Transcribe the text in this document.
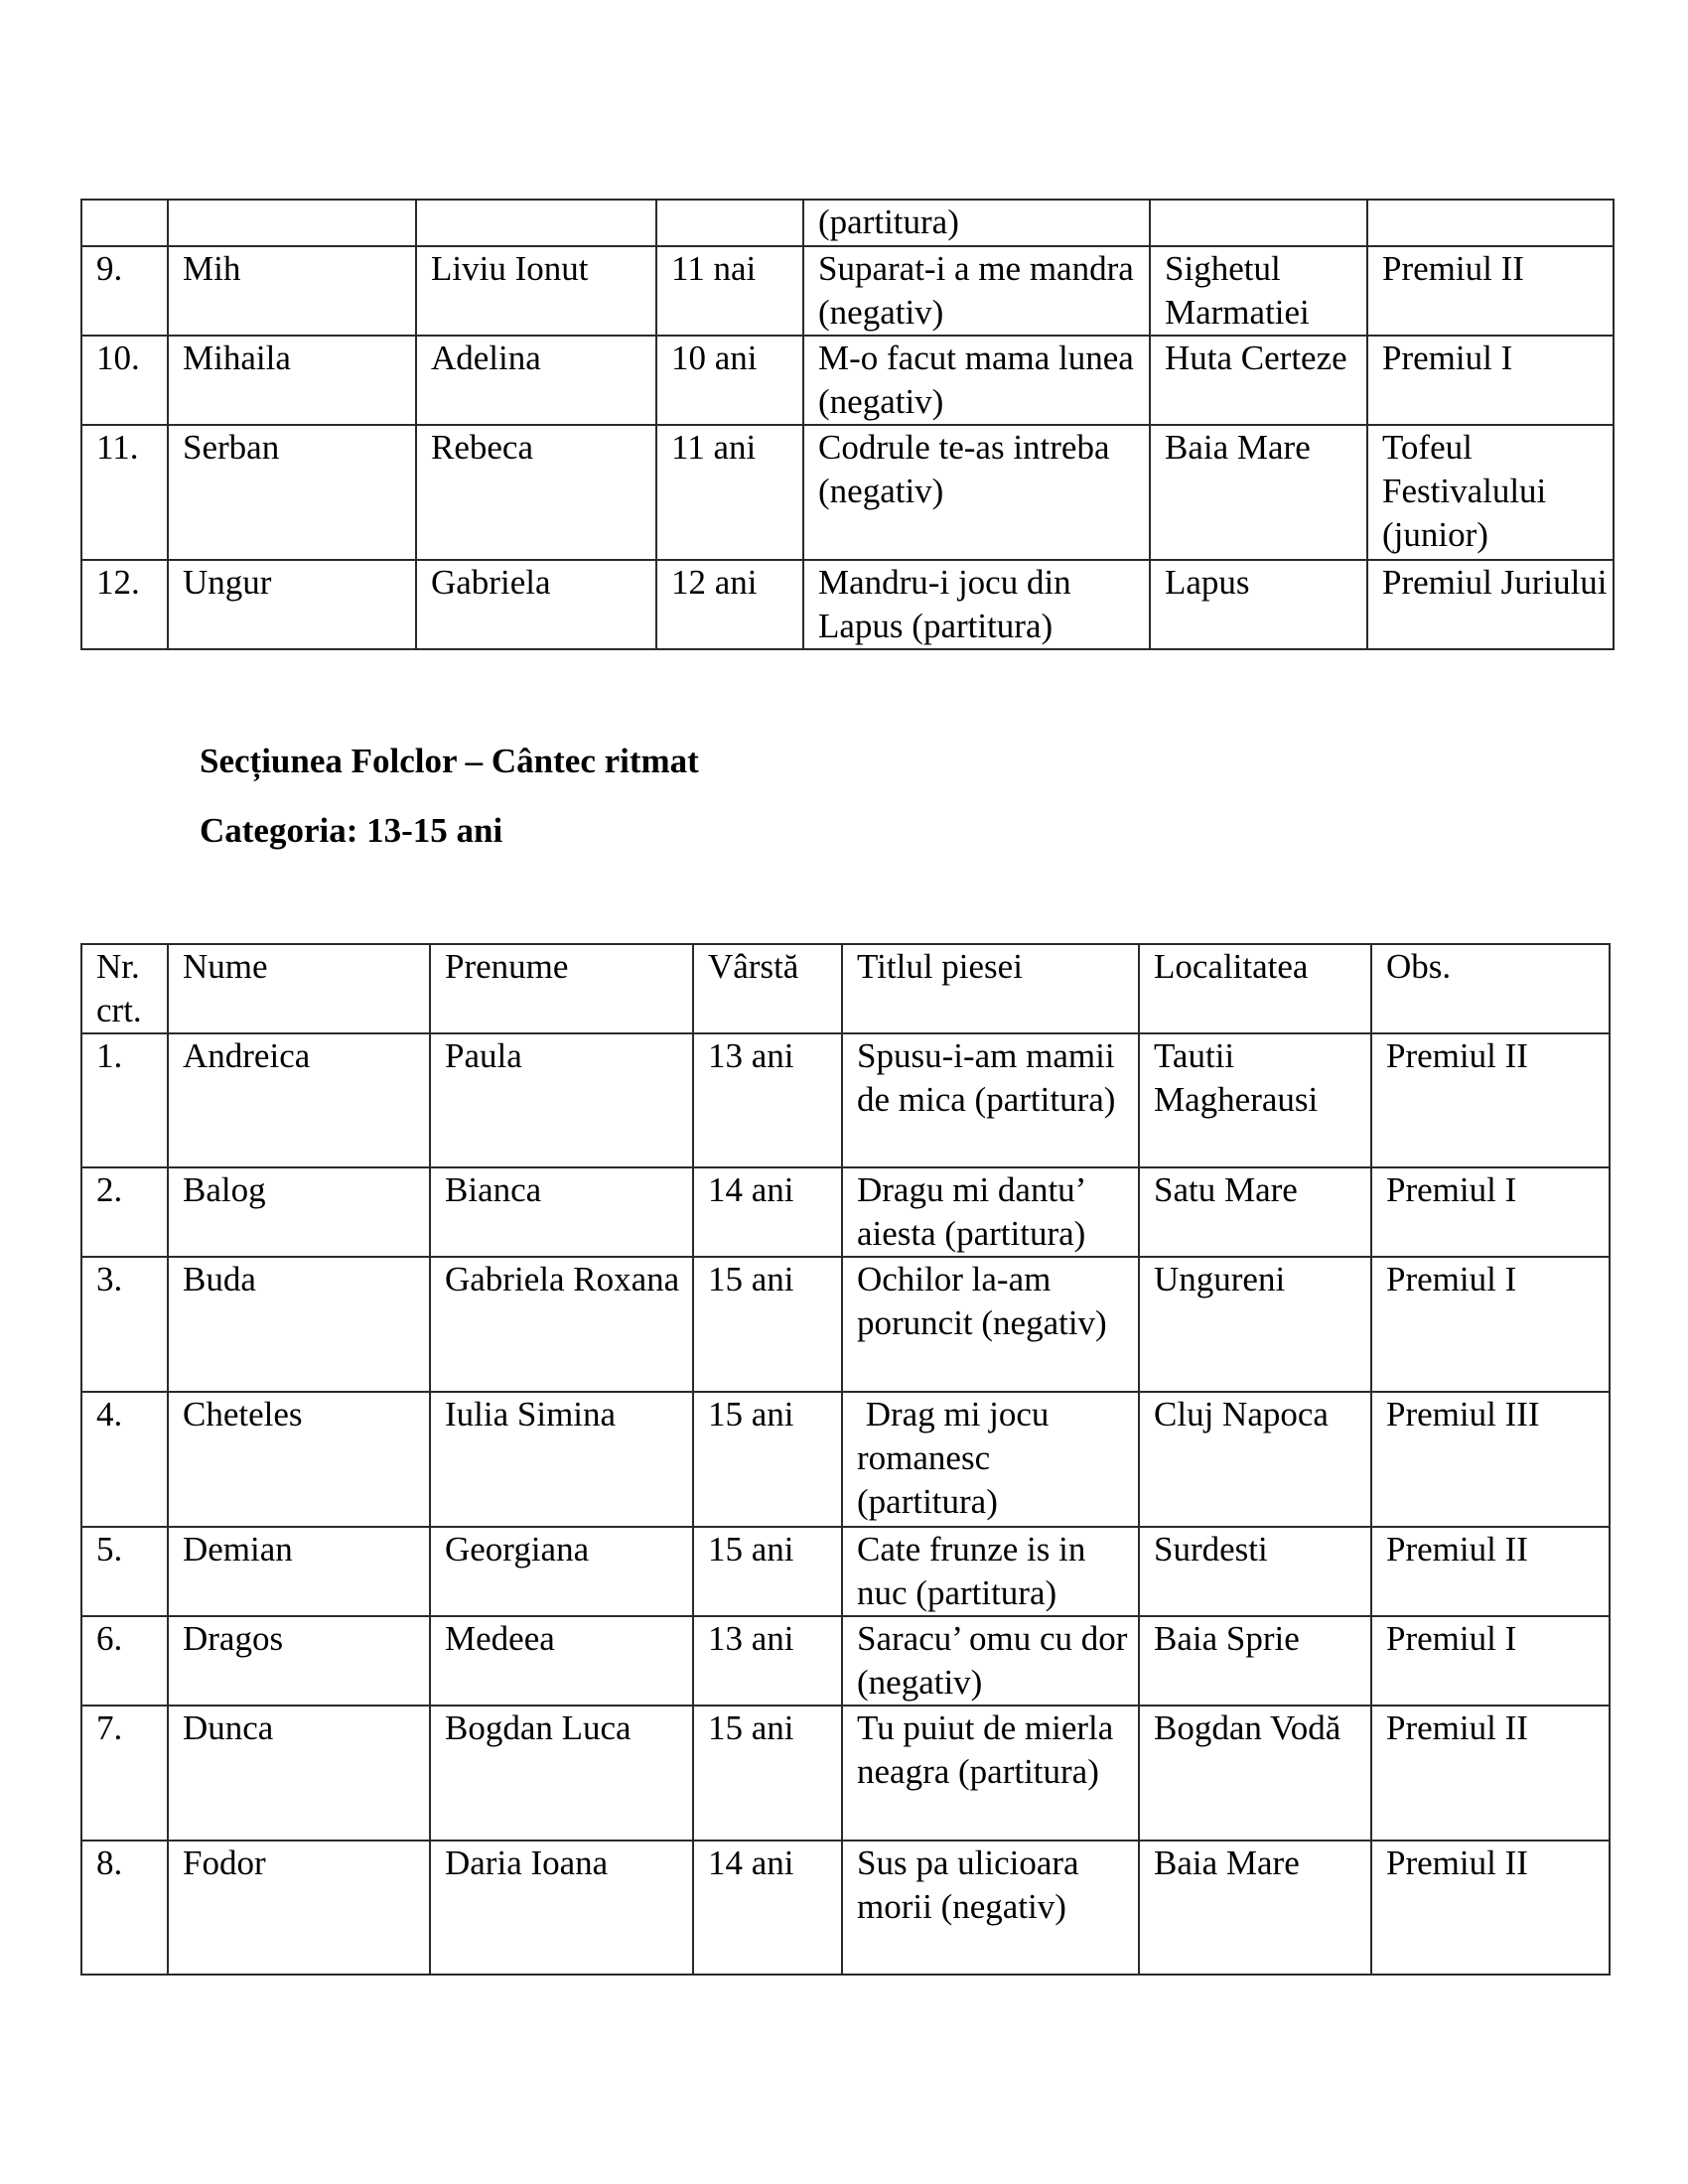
				(partitura)		
9.	Mih	Liviu Ionut	11 nai	Suparat-i a me mandra (negativ)	Sighetul Marmatiei	Premiul II
10.	Mihaila	Adelina	10 ani	M-o facut mama lunea (negativ)	Huta Certeze	Premiul I
11.	Serban	Rebeca	11 ani	Codrule te-as intreba (negativ)	Baia Mare	Tofeul Festivalului (junior)
12.	Ungur	Gabriela	12 ani	Mandru-i jocu din Lapus (partitura)	Lapus	Premiul Juriului
Secțiunea Folclor – Cântec ritmat
Categoria: 13-15 ani
Nr. crt.	Nume	Prenume	Vârstă	Titlul piesei	Localitatea	Obs.
1.	Andreica	Paula	13 ani	Spusu-i-am mamii de mica (partitura)	Tautii Magherausi	Premiul II
2.	Balog	Bianca	14 ani	Dragu mi dantu’ aiesta (partitura)	Satu Mare	Premiul I
3.	Buda	Gabriela Roxana	15 ani	Ochilor la-am poruncit (negativ)	Ungureni	Premiul I
4.	Cheteles	Iulia Simina	15 ani	Drag mi jocu romanesc (partitura)	Cluj Napoca	Premiul III
5.	Demian	Georgiana	15 ani	Cate frunze is in nuc (partitura)	Surdesti	Premiul II
6.	Dragos	Medeea	13 ani	Saracu’ omu cu dor (negativ)	Baia Sprie	Premiul I
7.	Dunca	Bogdan Luca	15 ani	Tu puiut de mierla neagra (partitura)	Bogdan Vodă	Premiul II
8.	Fodor	Daria Ioana	14 ani	Sus pa ulicioara morii (negativ)	Baia Mare	Premiul II
